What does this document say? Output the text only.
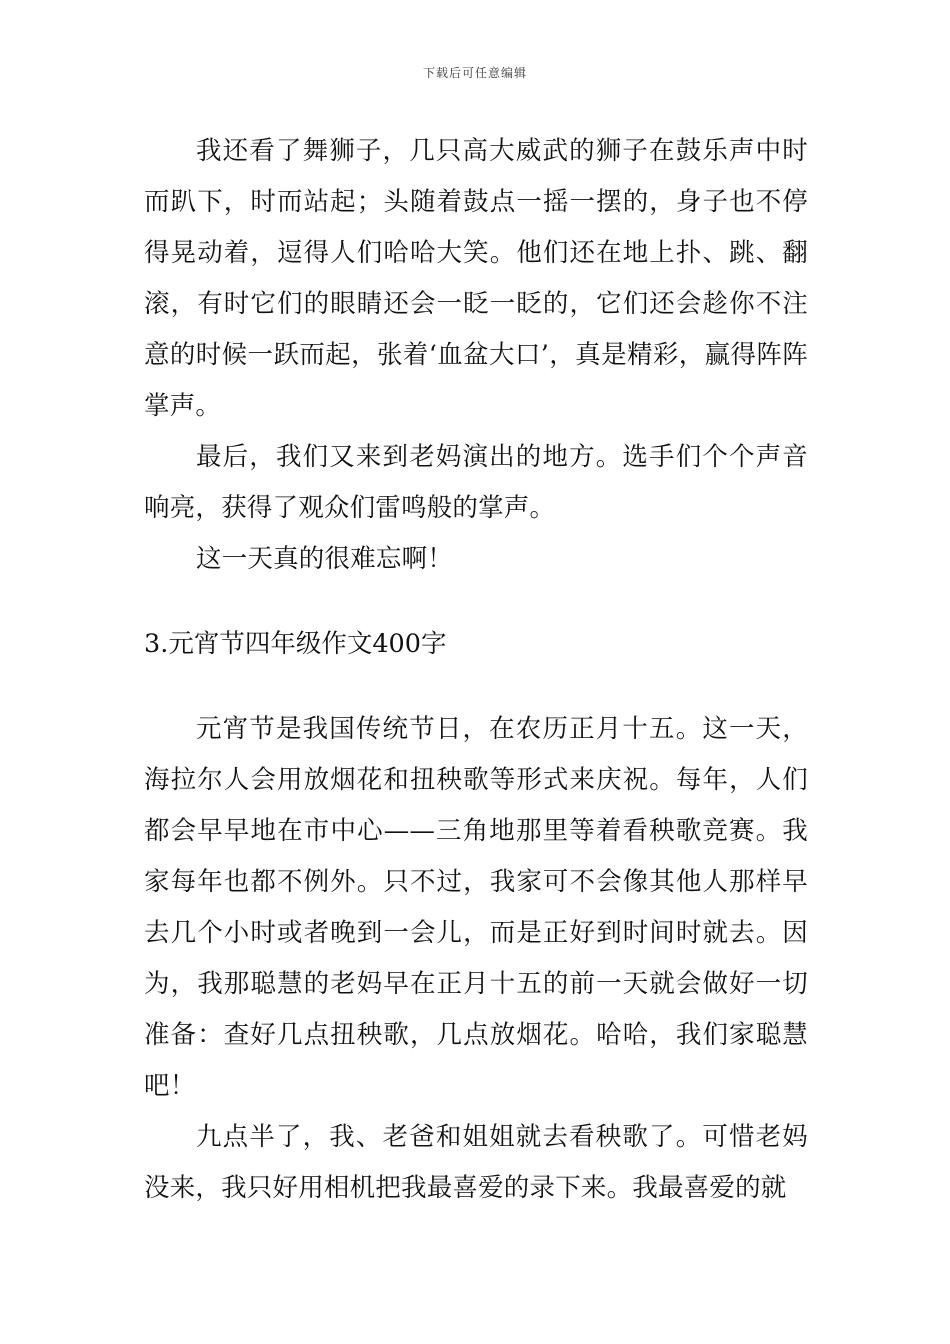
下载后可任意编辑

我还看了舞狮子，几只高大威武的狮子在鼓乐声中时而趴下，时而站起；头随着鼓点一摇一摆的，身子也不停得晃动着，逗得人们哈哈大笑。他们还在地上扑、跳、翻滚，有时它们的眼睛还会一眨一眨的，它们还会趁你不注意的时候一跃而起，张着‘血盆大口’，真是精彩，赢得阵阵掌声。

最后，我们又来到老妈演出的地方。选手们个个声音响亮，获得了观众们雷鸣般的掌声。

这一天真的很难忘啊！

3.元宵节四年级作文400字

元宵节是我国传统节日，在农历正月十五。这一天，海拉尔人会用放烟花和扭秧歌等形式来庆祝。每年，人们都会早早地在市中心——三角地那里等着看秧歌竞赛。我家每年也都不例外。只不过，我家可不会像其他人那样早去几个小时或者晚到一会儿，而是正好到时间时就去。因为，我那聪慧的老妈早在正月十五的前一天就会做好一切准备：查好几点扭秧歌，几点放烟花。哈哈，我们家聪慧吧！

九点半了，我、老爸和姐姐就去看秧歌了。可惜老妈没来，我只好用相机把我最喜爱的录下来。我最喜爱的就
